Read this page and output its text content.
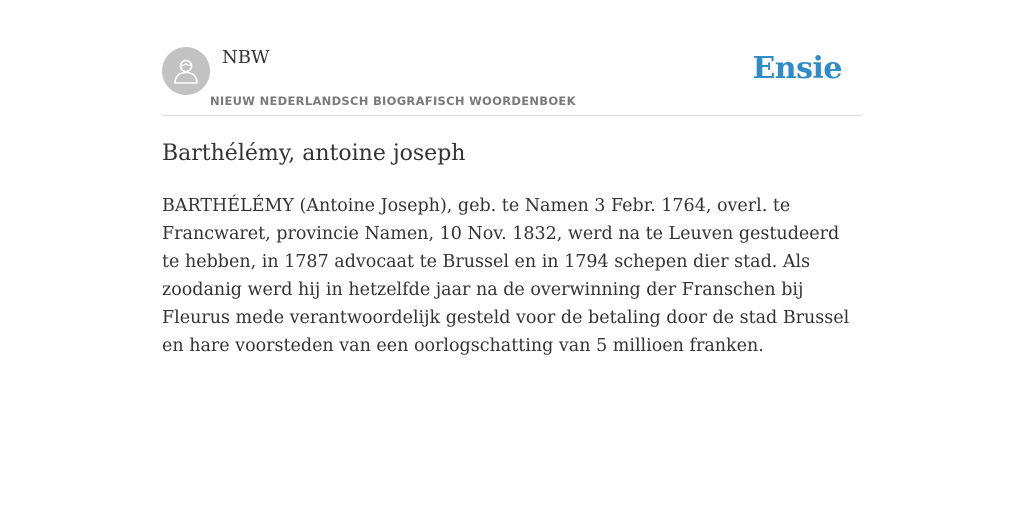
NBW
NIEUW NEDERLANDSCH BIOGRAFISCH WOORDENBOEK
Ensie
Barthélémy, antoine joseph

BARTHÉLÉMY (Antoine Joseph), geb. te Namen 3 Febr. 1764, overl. te Francwaret, provincie Namen, 10 Nov. 1832, werd na te Leuven gestudeerd te hebben, in 1787 advocaat te Brussel en in 1794 schepen dier stad. Als zoodanig werd hij in hetzelfde jaar na de overwinning der Franschen bij Fleurus mede verantwoordelijk gesteld voor de betaling door de stad Brussel en hare voorsteden van een oorlogschatting van 5 millioen franken.
